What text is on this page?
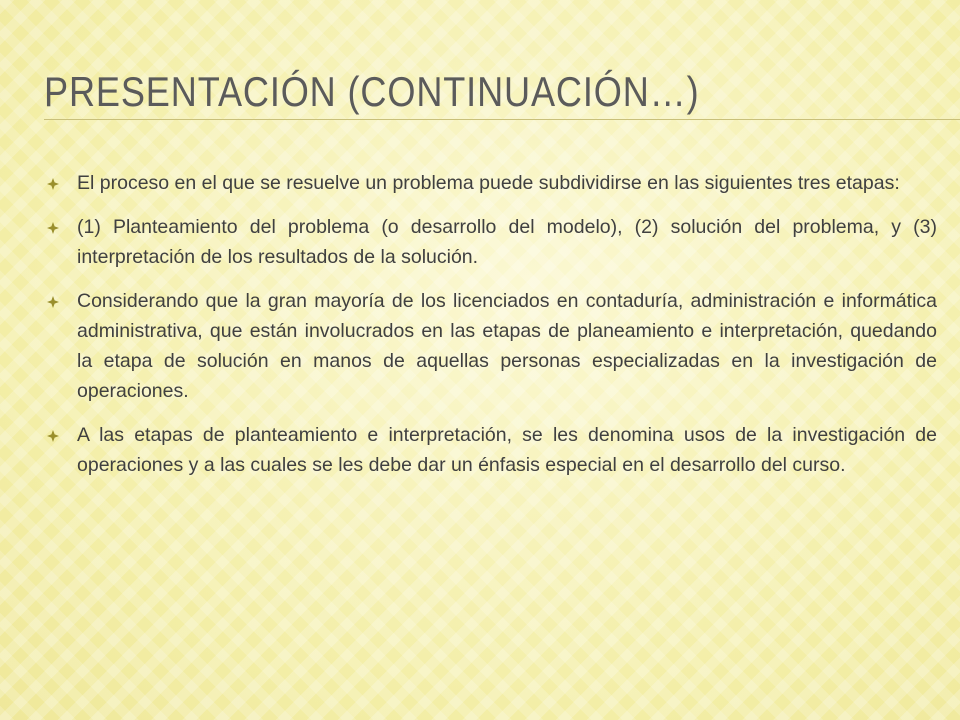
PRESENTACIÓN (CONTINUACIÓN…)
El proceso en el que se resuelve un problema puede subdividirse en las siguientes tres etapas:
(1) Planteamiento del problema (o desarrollo del modelo), (2) solución del problema, y (3) interpretación de los resultados de la solución.
Considerando que la gran mayoría de los licenciados en contaduría, administración e informática administrativa, que están involucrados en las etapas de planeamiento e interpretación, quedando la etapa de solución en manos de aquellas personas especializadas en la investigación de operaciones.
A las etapas de planteamiento e interpretación, se les denomina usos de la investigación de operaciones y a las cuales se les debe dar un énfasis especial en el desarrollo del curso.
